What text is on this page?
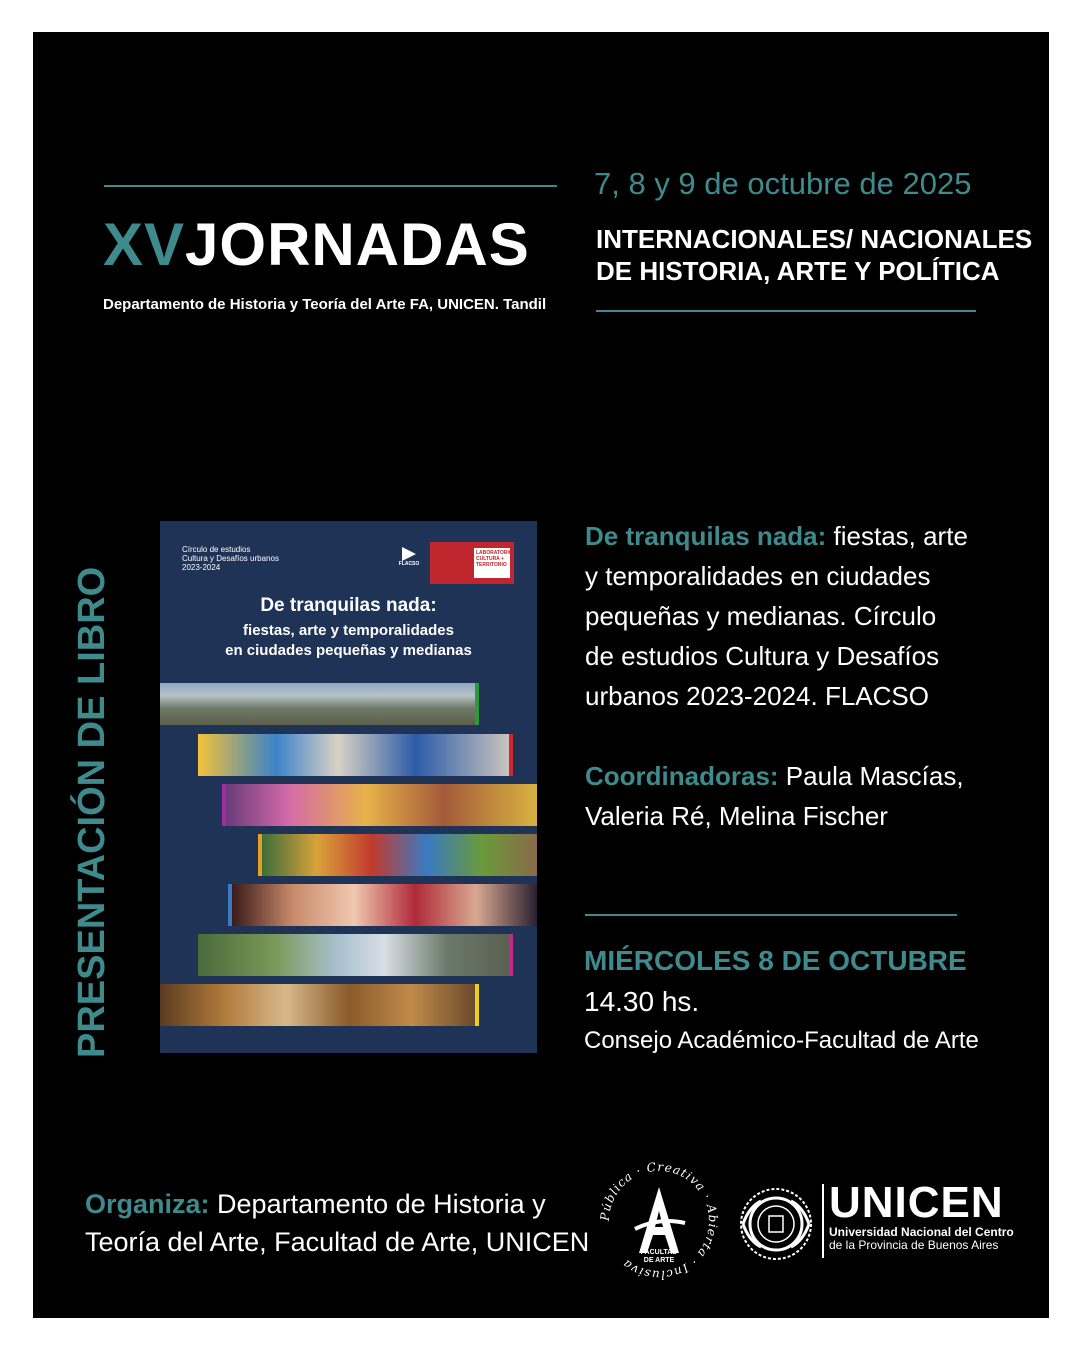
XVJORNADAS
Departamento de Historia y Teoría del Arte FA, UNICEN. Tandil
7, 8 y 9 de octubre de 2025
INTERNACIONALES/ NACIONALES
DE HISTORIA, ARTE Y POLÍTICA
PRESENTACIÓN DE LIBRO
Círculo de estudios
Cultura y Desafíos urbanos
2023-2024	FLACSO
LABORATORIO CULTURA + TERRITORIO
De tranquilas nada:
fiestas, arte y temporalidades
en ciudades pequeñas y medianas
De tranquilas nada: fiestas, arte
y temporalidades en ciudades
pequeñas y medianas. Círculo
de estudios Cultura y Desafíos
urbanos 2023-2024. FLACSO
Coordinadoras: Paula Mascías,
Valeria Ré, Melina Fischer
MIÉRCOLES 8 DE OCTUBRE
14.30 hs.
Consejo Académico-Facultad de Arte
Organiza: Departamento de Historia y
Teoría del Arte, Facultad de Arte, UNICEN
Pública · Creativa · Abierta · Inclusiva
FACULTAD
DE ARTE
UNICEN
Universidad Nacional del Centro
de la Provincia de Buenos Aires
